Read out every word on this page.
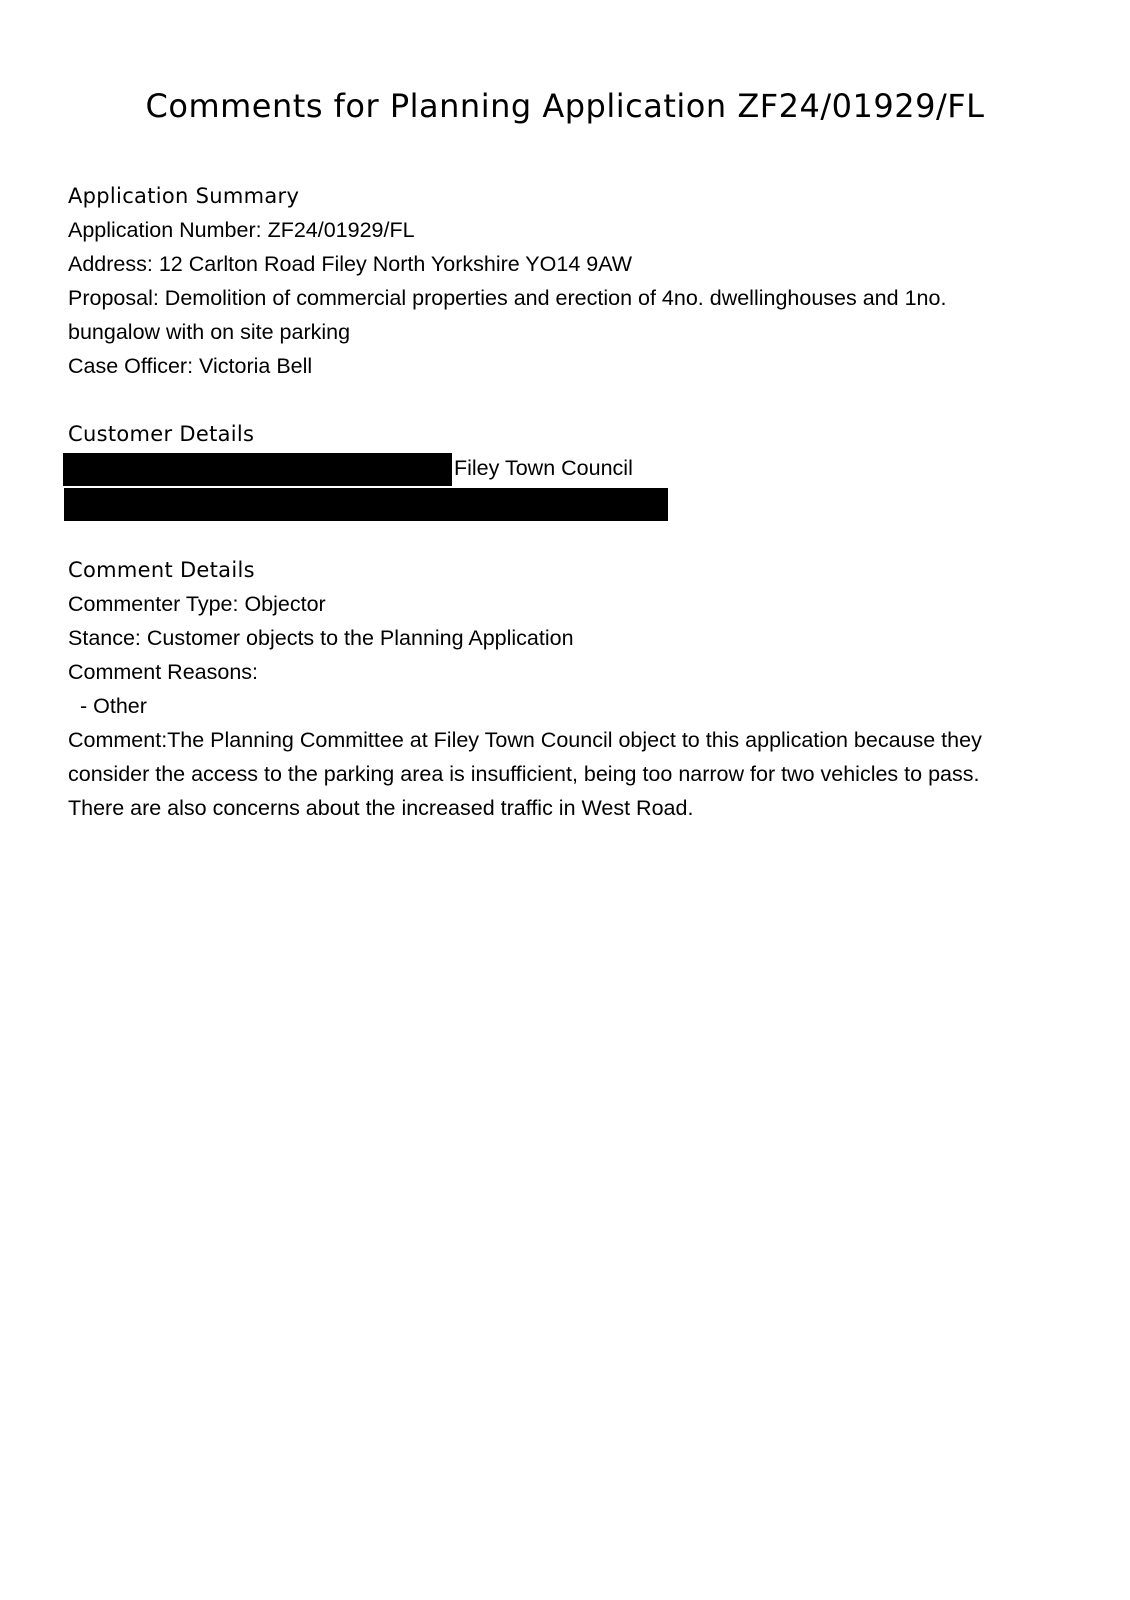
Comments for Planning Application ZF24/01929/FL
Application Summary
Application Number: ZF24/01929/FL
Address: 12 Carlton Road Filey North Yorkshire YO14 9AW
Proposal: Demolition of commercial properties and erection of 4no. dwellinghouses and 1no.
bungalow with on site parking
Case Officer: Victoria Bell
Customer Details
Filey Town Council
Comment Details
Commenter Type: Objector
Stance: Customer objects to the Planning Application
Comment Reasons:
- Other
Comment:The Planning Committee at Filey Town Council object to this application because they
consider the access to the parking area is insufficient, being too narrow for two vehicles to pass.
There are also concerns about the increased traffic in West Road.
